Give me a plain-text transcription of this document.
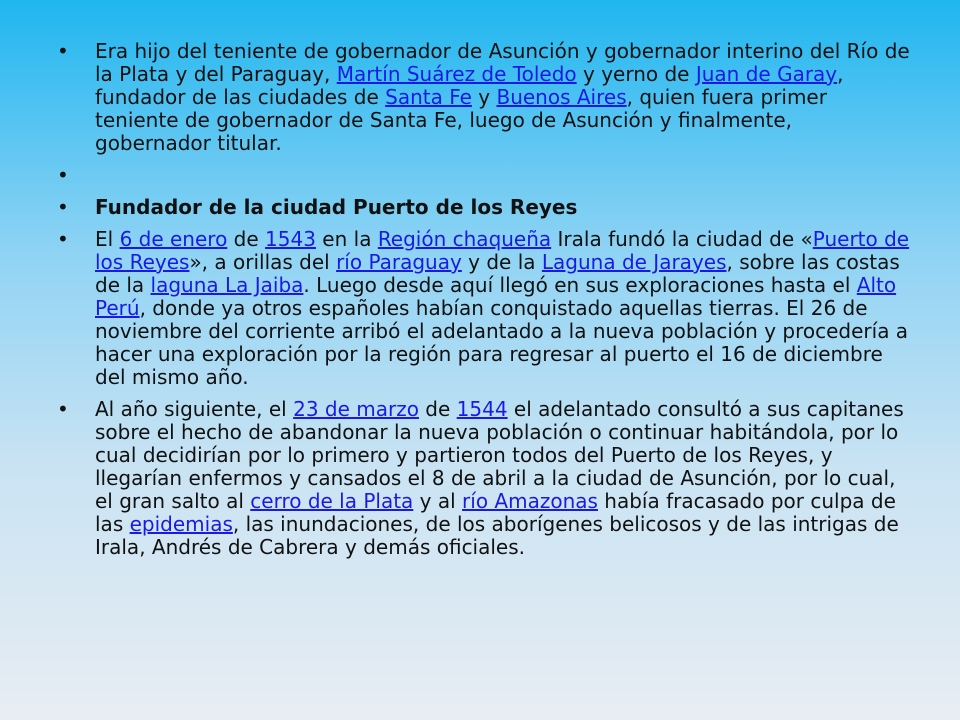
• Era hijo del teniente de gobernador de Asunción y gobernador interino del Río de la Plata y del Paraguay, Martín Suárez de Toledo y yerno de Juan de Garay, fundador de las ciudades de Santa Fe y Buenos Aires, quien fuera primer teniente de gobernador de Santa Fe, luego de Asunción y finalmente, gobernador titular.
•
• Fundador de la ciudad Puerto de los Reyes
• El 6 de enero de 1543 en la Región chaqueña Irala fundó la ciudad de «Puerto de los Reyes», a orillas del río Paraguay y de la Laguna de Jarayes, sobre las costas de la laguna La Jaiba. Luego desde aquí llegó en sus exploraciones hasta el Alto Perú, donde ya otros españoles habían conquistado aquellas tierras. El 26 de noviembre del corriente arribó el adelantado a la nueva población y procedería a hacer una exploración por la región para regresar al puerto el 16 de diciembre del mismo año.
• Al año siguiente, el 23 de marzo de 1544 el adelantado consultó a sus capitanes sobre el hecho de abandonar la nueva población o continuar habitándola, por lo cual decidirían por lo primero y partieron todos del Puerto de los Reyes, y llegarían enfermos y cansados el 8 de abril a la ciudad de Asunción, por lo cual, el gran salto al cerro de la Plata y al río Amazonas había fracasado por culpa de las epidemias, las inundaciones, de los aborígenes belicosos y de las intrigas de Irala, Andrés de Cabrera y demás oficiales.
